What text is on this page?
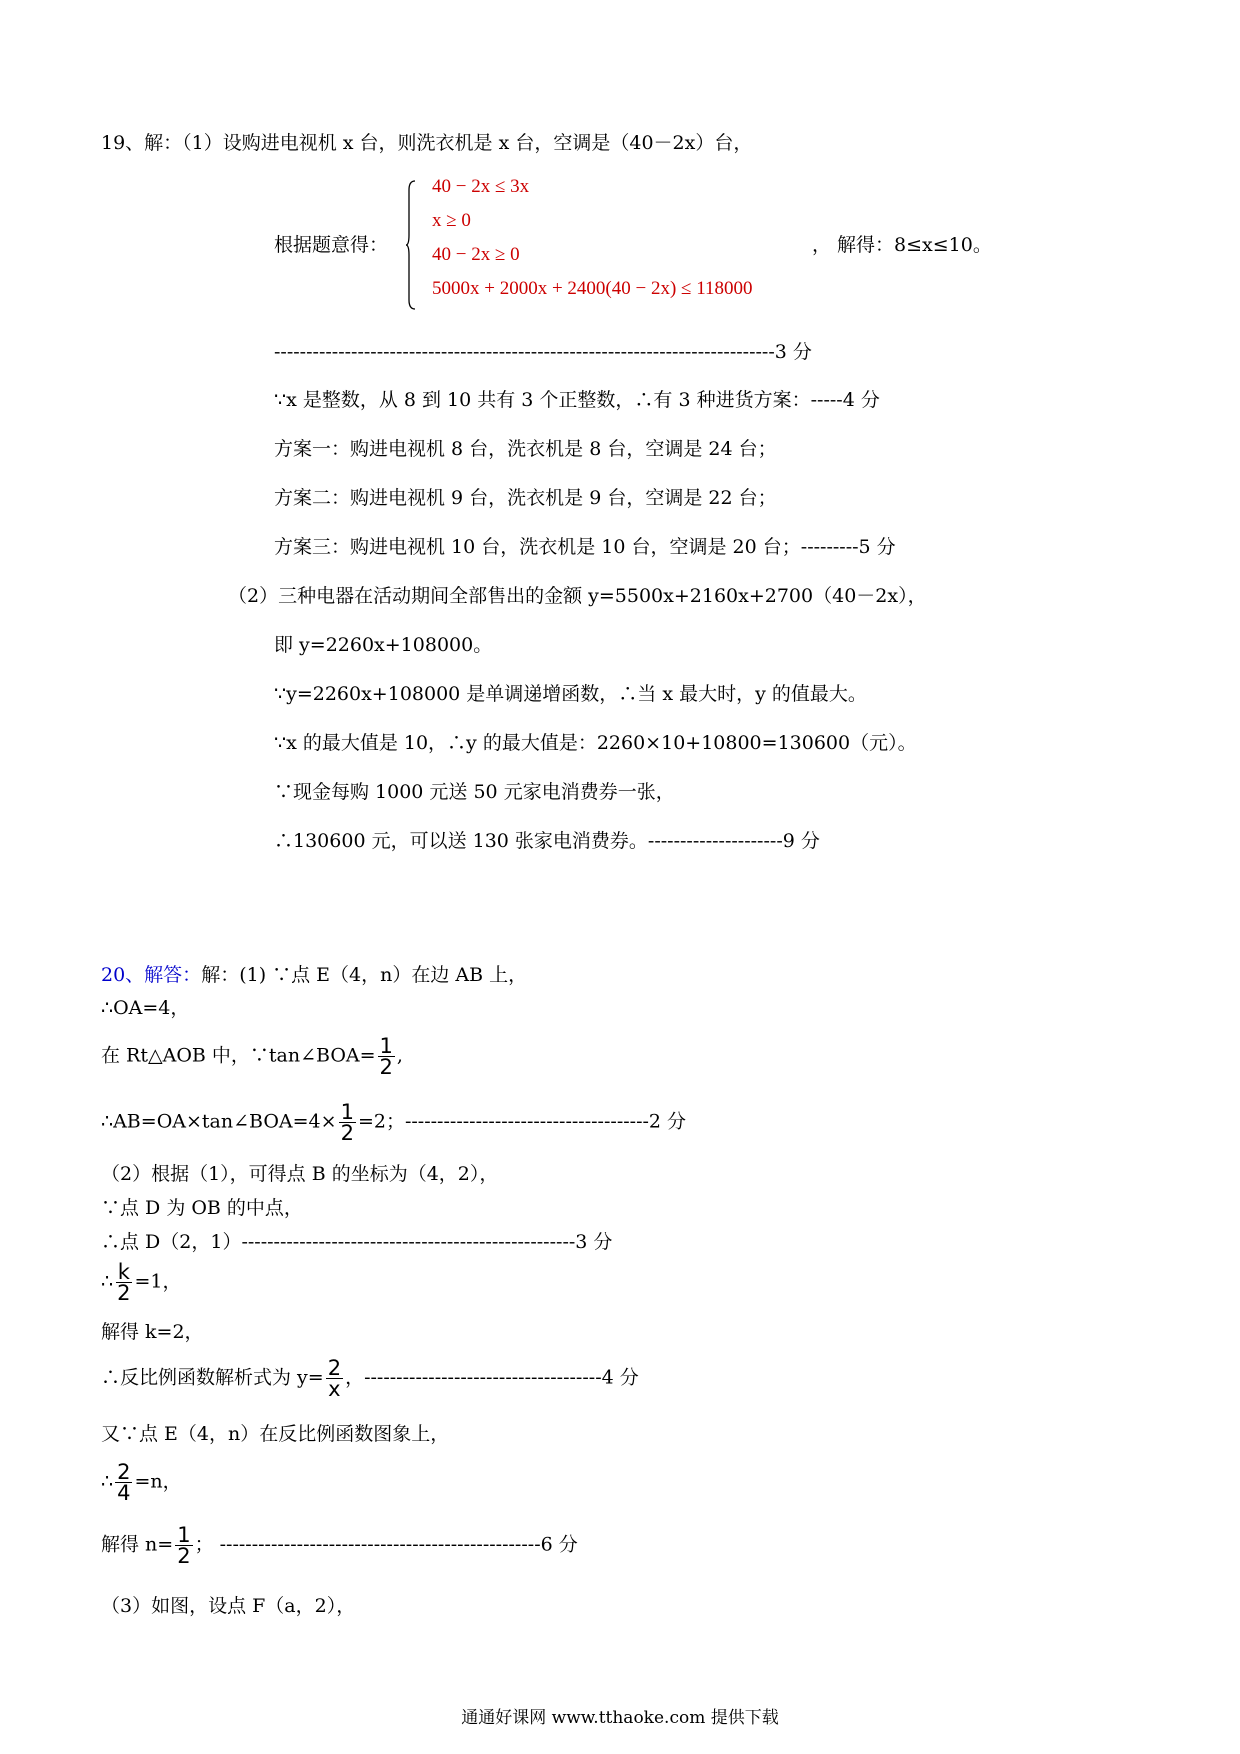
19、解：（1）设购进电视机 x 台，则洗衣机是 x 台，空调是（40－2x）台，
根据题意得：
40 − 2x ≤ 3x
x ≥ 0
40 − 2x ≥ 0
5000x + 2000x + 2400(40 − 2x) ≤ 118000
， 解得：8≤x≤10。
------------------------------------------------------------------------------3 分
∵x 是整数，从 8 到 10 共有 3 个正整数，∴有 3 种进货方案：-----4 分
方案一：购进电视机 8 台，洗衣机是 8 台，空调是 24 台；
方案二：购进电视机 9 台，洗衣机是 9 台，空调是 22 台；
方案三：购进电视机 10 台，洗衣机是 10 台，空调是 20 台；---------5 分
（2）三种电器在活动期间全部售出的金额 y=5500x+2160x+2700（40－2x），
即 y=2260x+108000。
∵y=2260x+108000 是单调递增函数，∴当 x 最大时，y 的值最大。
∵x 的最大值是 10，∴y 的最大值是：2260×10+10800=130600（元）。
∵现金每购 1000 元送 50 元家电消费券一张，
∴130600 元，可以送 130 张家电消费券。---------------------9 分
20、解答：解：(1) ∵点 E（4，n）在边 AB 上，
∴OA=4，
在 Rt△AOB 中，∵tan∠BOA= $\frac{1}{2}$ ,
∴AB=OA×tan∠BOA=4× $\frac{1}{2} =2$；--------------------------------------2 分
（2）根据（1），可得点 B 的坐标为（4，2），
∵点 D 为 OB 的中点，
∴点 D（2，1）----------------------------------------------------3 分
∴ $\frac{k}{2} =1$，
解得 k=2，
∴反比例函数解析式为 $y= \frac{2}{x}$ ，-------------------------------------4 分
又∵点 E（4，n）在反比例函数图象上，
∴ $\frac{2}{4} =n$，
解得 $n= \frac{1}{2}$ ； --------------------------------------------------6 分
（3）如图，设点 F（a，2），
通通好课网 www.tthaoke.com 提供下载
